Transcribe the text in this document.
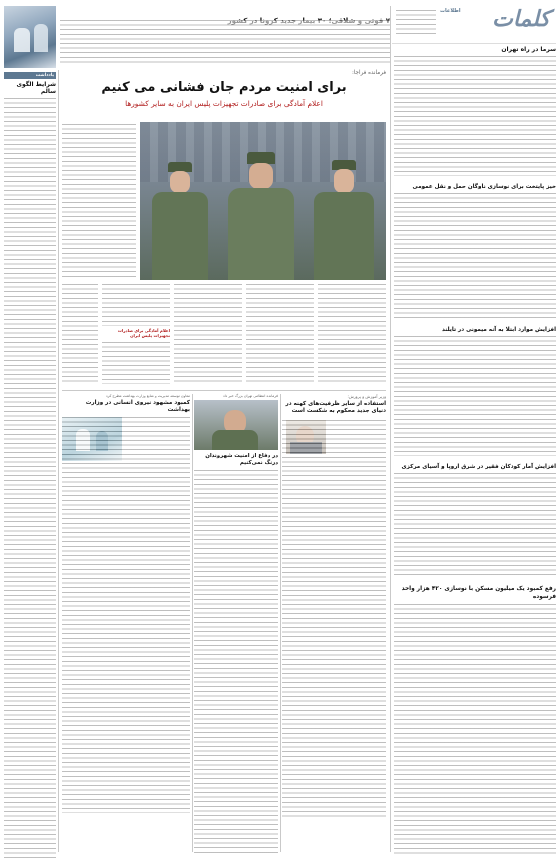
کلمات
اطلاعات
سرما در راه تهران
خیز پایتخت برای نوسازی ناوگان حمل و نقل عمومی
افزایش موارد ابتلا به آنه میمونی در تایلند
افزایش آمار کودکان فقیر در شرق اروپا و آسیای مرکزی
رفع کمبود یک میلیون مسکن با نوسازی ۴۲۰ هزار واحد فرسوده
یادداشت
شرایط الگوی سالم
فرمانده فراجا:
برای امنیت مردم جان فشانی می کنیم
اعلام آمادگی برای صادرات تجهیزات پلیس ایران به سایر کشورها
اعلام آمادگی برای صادرات تجهیزات پلیس ایران
وزیر آموزش و پرورش:
استفاده از سایر ظرفیت‌های کهنه در دنیای جدید محکوم به شکست است
فرمانده انتظامی تهران بزرگ خبر داد
در دفاع از امنیت شهروندان درنگ نمی‌کنیم
معاون توسعه مدیریت و منابع وزارت بهداشت مطرح کرد
کمبود مشهود نیروی انسانی در وزارت بهداشت
